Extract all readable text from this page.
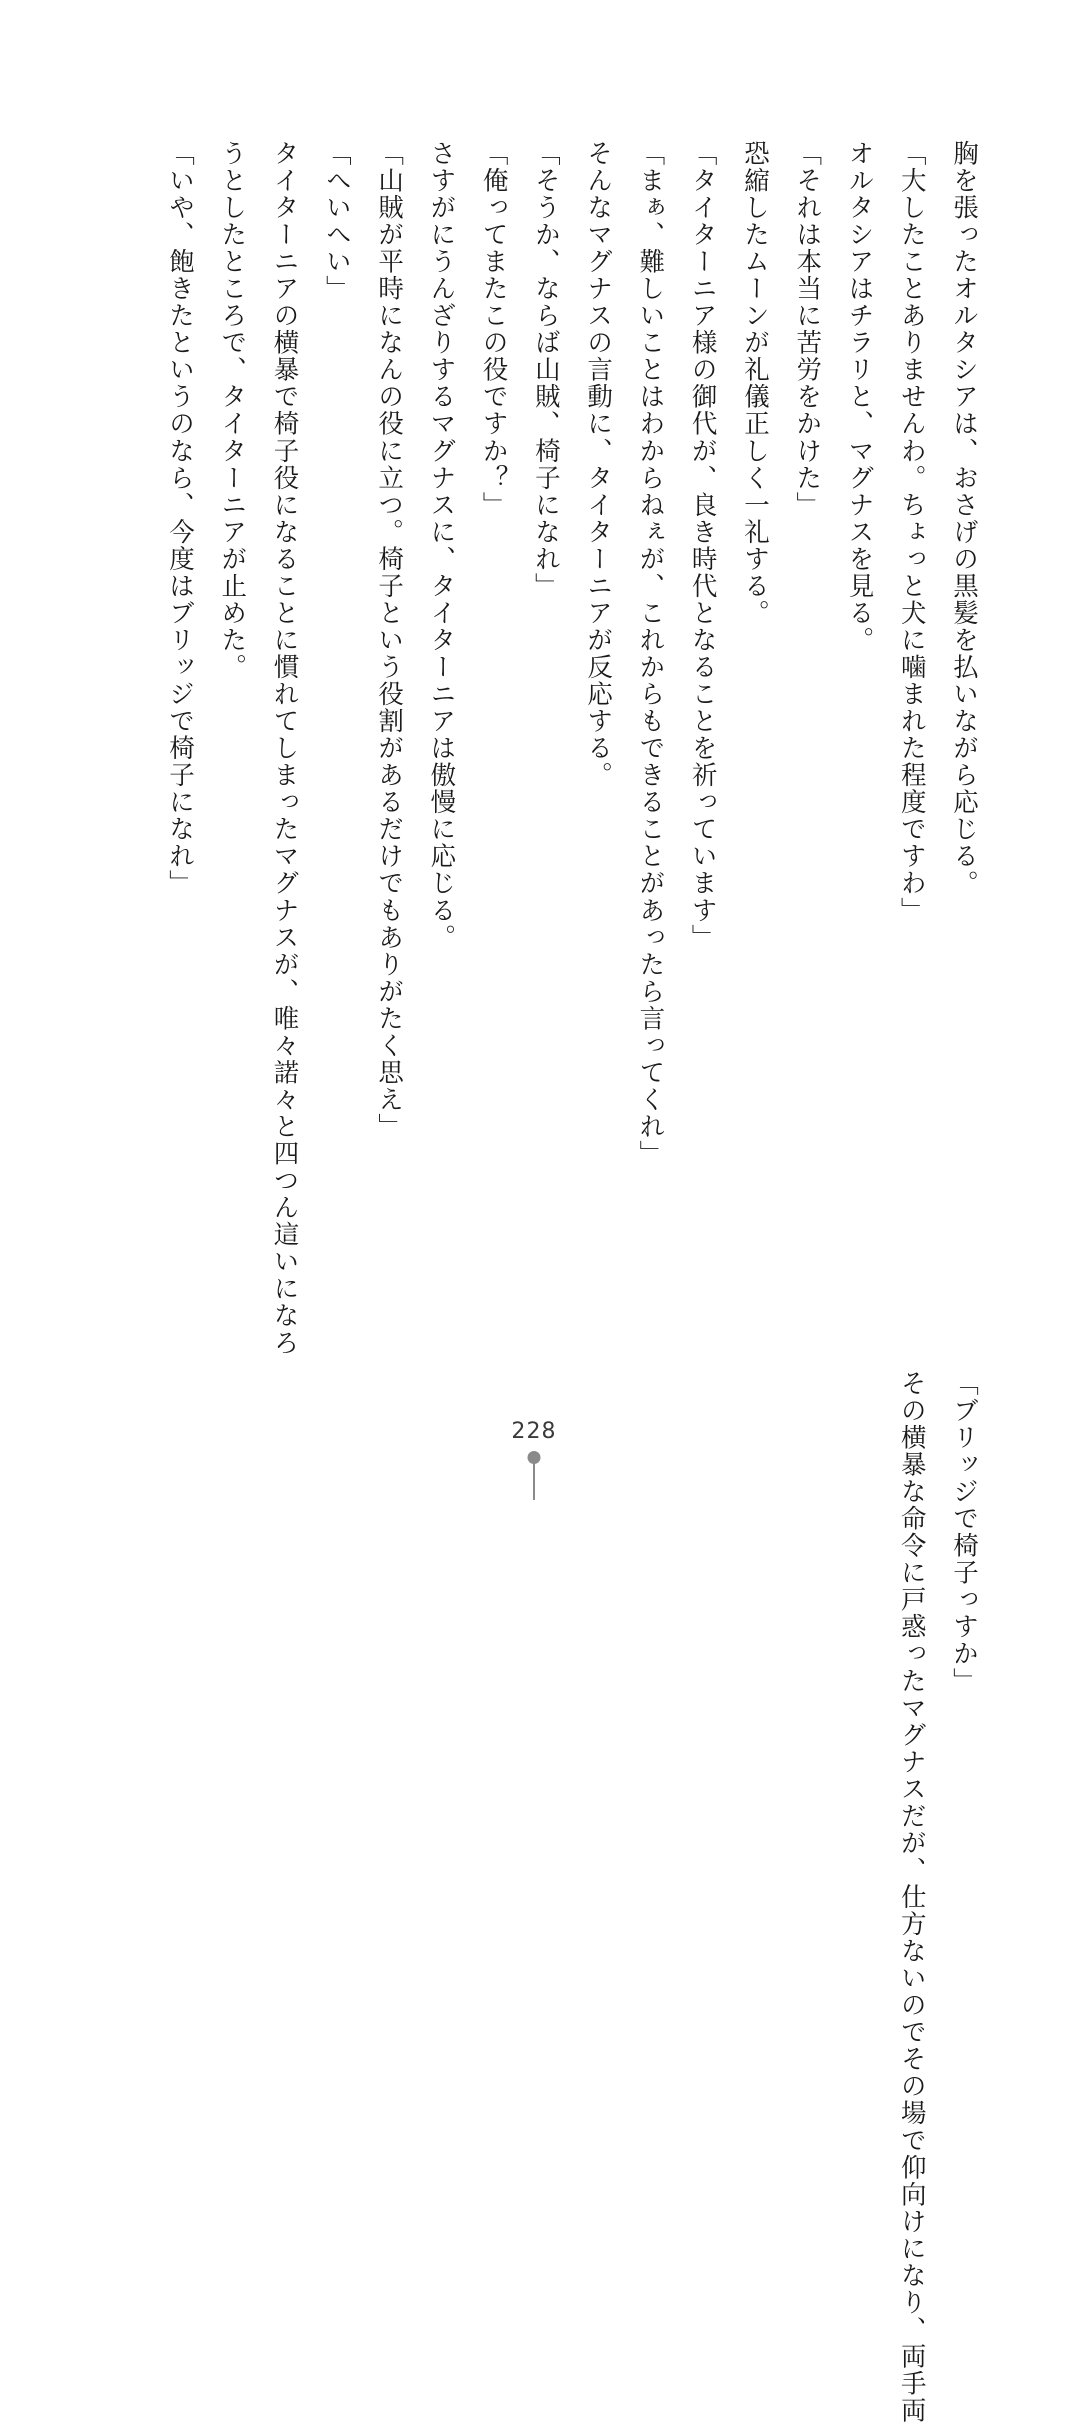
胸を張ったオルタシアは、おさげの黒髪を払いながら応じる。

「大したことありませんわ。ちょっと犬に噛まれた程度ですわ」

オルタシアはチラリと、マグナスを見る。

「それは本当に苦労をかけた」

恐縮したムーンが礼儀正しく一礼する。

「タイターニア様の御代が、良き時代となることを祈っています」

「まぁ、難しいことはわからねぇが、これからもできることがあったら言ってくれ」

そんなマグナスの言動に、タイターニアが反応する。

「そうか、ならば山賊、椅子になれ」

「俺ってまたこの役ですか？」

さすがにうんざりするマグナスに、タイターニアは傲慢に応じる。

「山賊が平時になんの役に立つ。椅子という役割があるだけでもありがたく思え」

「へいへい」

タイターニアの横暴で椅子役になることに慣れてしまったマグナスが、唯々諾々と四つん這いになろうとしたところで、タイターニアが止めた。

「いや、飽きたというのなら、今度はブリッジで椅子になれ」

「ブリッジで椅子っすか」

その横暴な命令に戸惑ったマグナスだが、仕方ないのでその場で仰向けになり、両手両

228
